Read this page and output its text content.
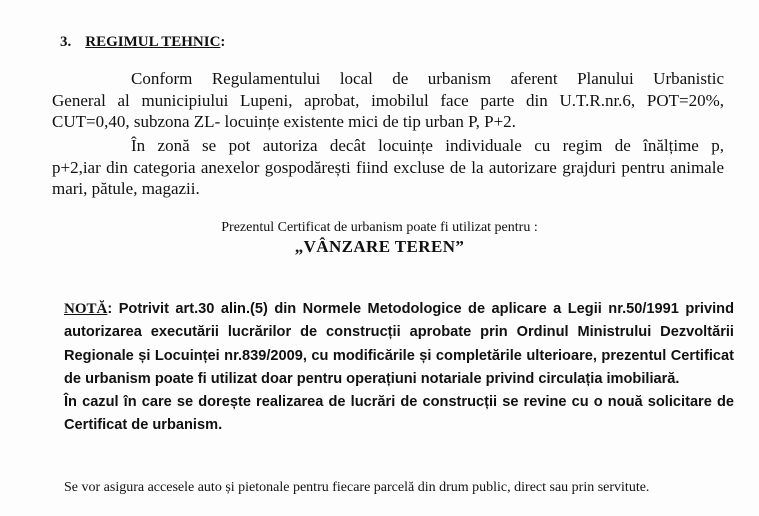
3. REGIMUL TEHNIC:
Conform Regulamentului local de urbanism aferent Planului Urbanistic
General al municipiului Lupeni, aprobat, imobilul face parte din U.T.R.nr.6, POT=20%, CUT=0,40, subzona ZL- locuințe existente mici de tip urban P, P+2.
În zonă se pot autoriza decât locuințe individuale cu regim de înălțime p,
p+2,iar din categoria anexelor gospodărești fiind excluse de la autorizare grajduri pentru animale mari, pătule, magazii.
Prezentul Certificat de urbanism poate fi utilizat pentru :
„VÂNZARE TEREN”

NOTĂ: Potrivit art.30 alin.(5) din Normele Metodologice de aplicare a Legii nr.50/1991 privind autorizarea executării lucrărilor de construcții aprobate prin Ordinul Ministrului Dezvoltării Regionale și Locuinței nr.839/2009, cu modificările și completările ulterioare, prezentul Certificat de urbanism poate fi utilizat doar pentru operațiuni notariale privind circulația imobiliară.

În cazul în care se dorește realizarea de lucrări de construcții se revine cu o nouă solicitare de Certificat de urbanism.

Se vor asigura accesele auto și pietonale pentru fiecare parcelă din drum public, direct sau prin servitute.
